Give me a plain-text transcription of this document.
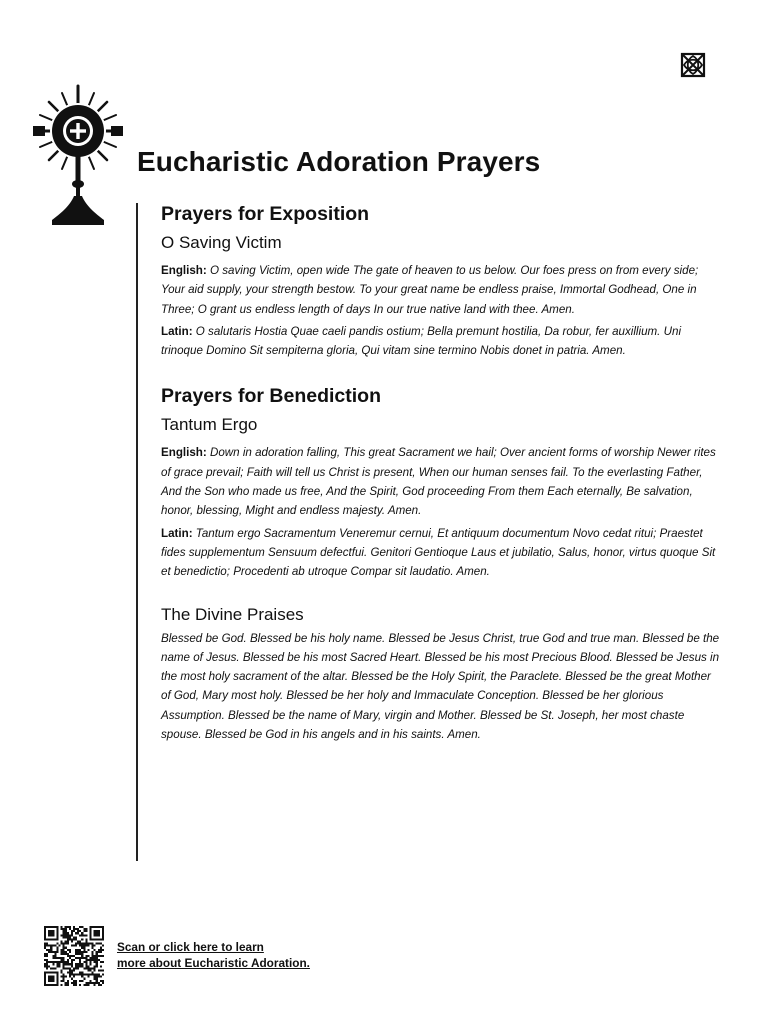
Eucharistic Adoration Prayers
Prayers for Exposition
O Saving Victim

English: O saving Victim, open wide The gate of heaven to us below. Our foes press on from every side; Your aid supply, your strength bestow. To your great name be endless praise, Immortal Godhead, One in Three; O grant us endless length of days In our true native land with thee. Amen.

Latin: O salutaris Hostia Quae caeli pandis ostium; Bella premunt hostilia, Da robur, fer auxillium. Uni trinoque Domino Sit sempiterna gloria, Qui vitam sine termino Nobis donet in patria. Amen.

Prayers for Benediction
Tantum Ergo

English: Down in adoration falling, This great Sacrament we hail; Over ancient forms of worship Newer rites of grace prevail; Faith will tell us Christ is present, When our human senses fail. To the everlasting Father, And the Son who made us free, And the Spirit, God proceeding From them Each eternally, Be salvation, honor, blessing, Might and endless majesty. Amen.

Latin: Tantum ergo Sacramentum Veneremur cernui, Et antiquum documentum Novo cedat ritui; Praestet fides supplementum Sensuum defectfui. Genitori Gentioque Laus et jubilatio, Salus, honor, virtus quoque Sit et benedictio; Procedenti ab utroque Compar sit laudatio. Amen.

The Divine Praises

Blessed be God. Blessed be his holy name. Blessed be Jesus Christ, true God and true man. Blessed be the name of Jesus. Blessed be his most Sacred Heart. Blessed be his most Precious Blood. Blessed be Jesus in the most holy sacrament of the altar. Blessed be the Holy Spirit, the Paraclete. Blessed be the great Mother of God, Mary most holy. Blessed be her holy and Immaculate Conception. Blessed be her glorious Assumption. Blessed be the name of Mary, virgin and Mother. Blessed be St. Joseph, her most chaste spouse. Blessed be God in his angels and in his saints. Amen.

Scan or click here to learn
more about Eucharistic Adoration.
